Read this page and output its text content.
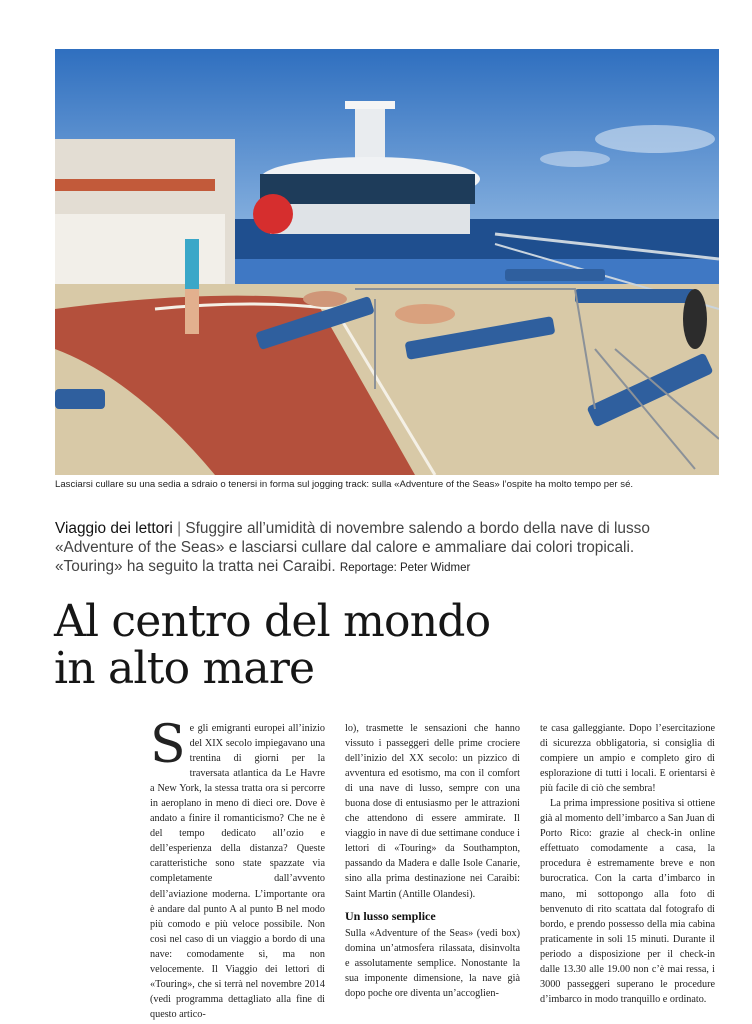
Lasciarsi cullare su una sedia a sdraio o tenersi in forma sul jogging track: sulla «Adventure of the Seas» l’ospite ha molto tempo per sé.
Viaggio dei lettori | Sfuggire all’umidità di novembre salendo a bordo della nave di lusso «Adventure of the Seas» e lasciarsi cullare dal calore e ammaliare dai colori tropicali. «Touring» ha seguito la tratta nei Caraibi. Reportage: Peter Widmer
Al centro del mondo
in alto mare

Se gli emigranti europei all’inizio del XIX secolo impiegavano una trentina di giorni per la traversata atlantica da Le Havre a New York, la stessa tratta ora si percorre in aeroplano in meno di dieci ore. Dove è andato a finire il romanticismo? Che ne è del tempo dedicato all’ozio e dell’esperienza della distanza? Queste caratteristiche sono state spazzate via completamente dall’avvento dell’aviazione moderna. L’importante ora è andare dal punto A al punto B nel modo più comodo e più veloce possibile. Non così nel caso di un viaggio a bordo di una nave: comodamente sì, ma non velocemente. Il Viaggio dei lettori di «Touring», che si terrà nel novembre 2014 (vedi programma dettagliato alla fine di questo artico-

lo), trasmette le sensazioni che hanno vissuto i passeggeri delle prime crociere dell’inizio del XX secolo: un pizzico di avventura ed esotismo, ma con il comfort di una nave di lusso, sempre con una buona dose di entusiasmo per le attrazioni che attendono di essere ammirate. Il viaggio in nave di due settimane conduce i lettori di «Touring» da Southampton, passando da Madera e dalle Isole Canarie, sino alla prima destinazione nei Caraibi: Saint Martin (Antille Olandesi).

Un lusso semplice

Sulla «Adventure of the Seas» (vedi box) domina un’atmosfera rilassata, disinvolta e assolutamente semplice. Nonostante la sua imponente dimensione, la nave già dopo poche ore diventa un’accoglien-

te casa galleggiante. Dopo l’esercitazione di sicurezza obbligatoria, si consiglia di compiere un ampio e completo giro di esplorazione di tutti i locali. E orientarsi è più facile di ciò che sembra!

La prima impressione positiva si ottiene già al momento dell’imbarco a San Juan di Porto Rico: grazie al check-in online effettuato comodamente a casa, la procedura è estremamente breve e non burocratica. Con la carta d’imbarco in mano, mi sottopongo alla foto di benvenuto di rito scattata dal fotografo di bordo, e prendo possesso della mia cabina praticamente in soli 15 minuti. Durante il periodo a disposizione per il check-in dalle 13.30 alle 19.00 non c’è mai ressa, i 3000 passeggeri superano le procedure d’imbarco in modo tranquillo e ordinato.
